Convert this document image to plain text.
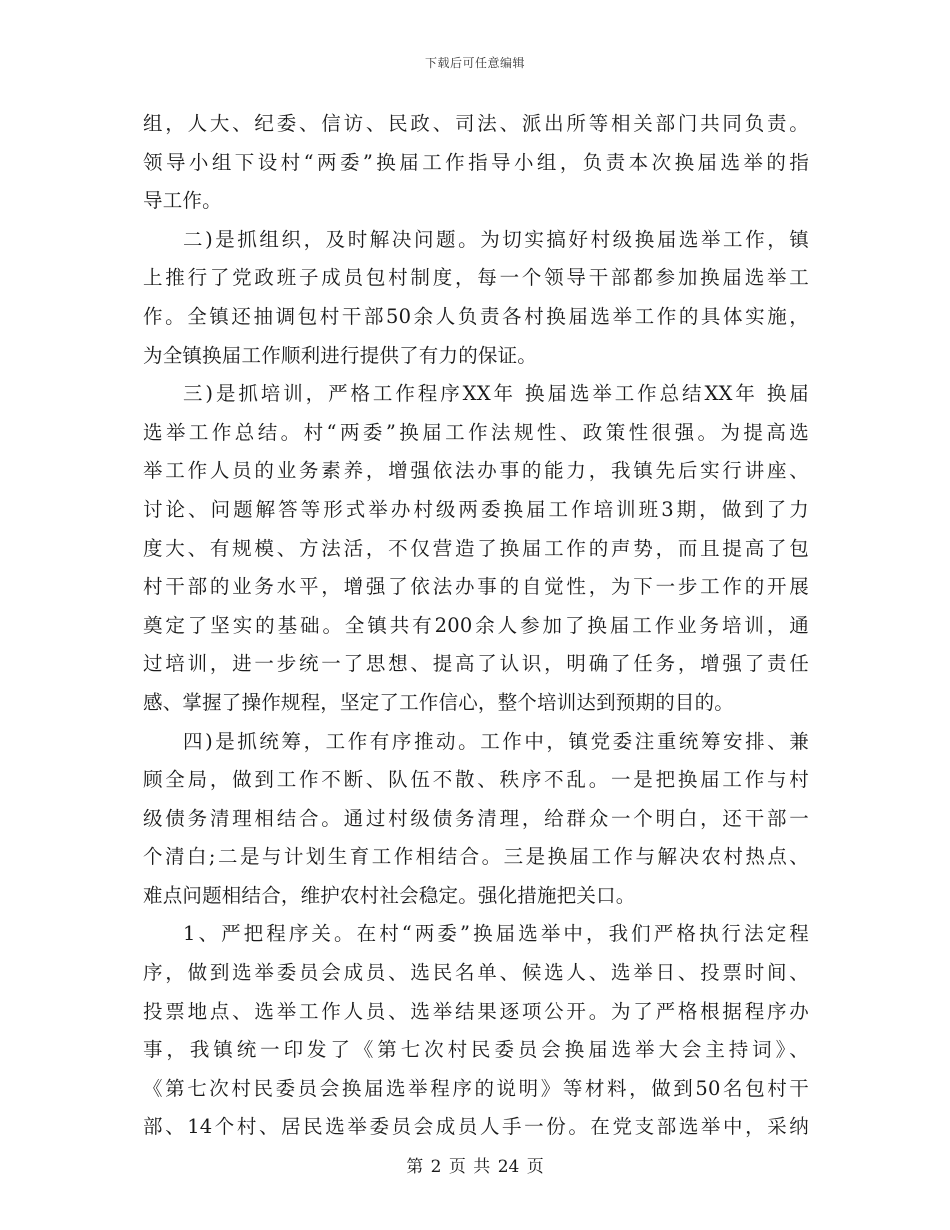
下载后可任意编辑
组，人大、纪委、信访、民政、司法、派出所等相关部门共同负责。
领导小组下设村“两委”换届工作指导小组，负责本次换届选举的指
导工作。
二)是抓组织，及时解决问题。为切实搞好村级换届选举工作，镇
上推行了党政班子成员包村制度，每一个领导干部都参加换届选举工
作。全镇还抽调包村干部50余人负责各村换届选举工作的具体实施，
为全镇换届工作顺利进行提供了有力的保证。
三)是抓培训，严格工作程序XX年 换届选举工作总结XX年 换届
选举工作总结。村“两委”换届工作法规性、政策性很强。为提高选
举工作人员的业务素养，增强依法办事的能力，我镇先后实行讲座、
讨论、问题解答等形式举办村级两委换届工作培训班3期，做到了力
度大、有规模、方法活，不仅营造了换届工作的声势，而且提高了包
村干部的业务水平，增强了依法办事的自觉性，为下一步工作的开展
奠定了坚实的基础。全镇共有200余人参加了换届工作业务培训，通
过培训，进一步统一了思想、提高了认识，明确了任务，增强了责任
感、掌握了操作规程，坚定了工作信心，整个培训达到预期的目的。
四)是抓统筹，工作有序推动。工作中，镇党委注重统筹安排、兼
顾全局，做到工作不断、队伍不散、秩序不乱。一是把换届工作与村
级债务清理相结合。通过村级债务清理，给群众一个明白，还干部一
个清白;二是与计划生育工作相结合。三是换届工作与解决农村热点、
难点问题相结合，维护农村社会稳定。强化措施把关口。
1、严把程序关。在村“两委”换届选举中，我们严格执行法定程
序，做到选举委员会成员、选民名单、候选人、选举日、投票时间、
投票地点、选举工作人员、选举结果逐项公开。为了严格根据程序办
事，我镇统一印发了《第七次村民委员会换届选举大会主持词》、
《第七次村民委员会换届选举程序的说明》等材料，做到50名包村干
部、14个村、居民选举委员会成员人手一份。在党支部选举中，采纳
第 2 页 共 24 页
